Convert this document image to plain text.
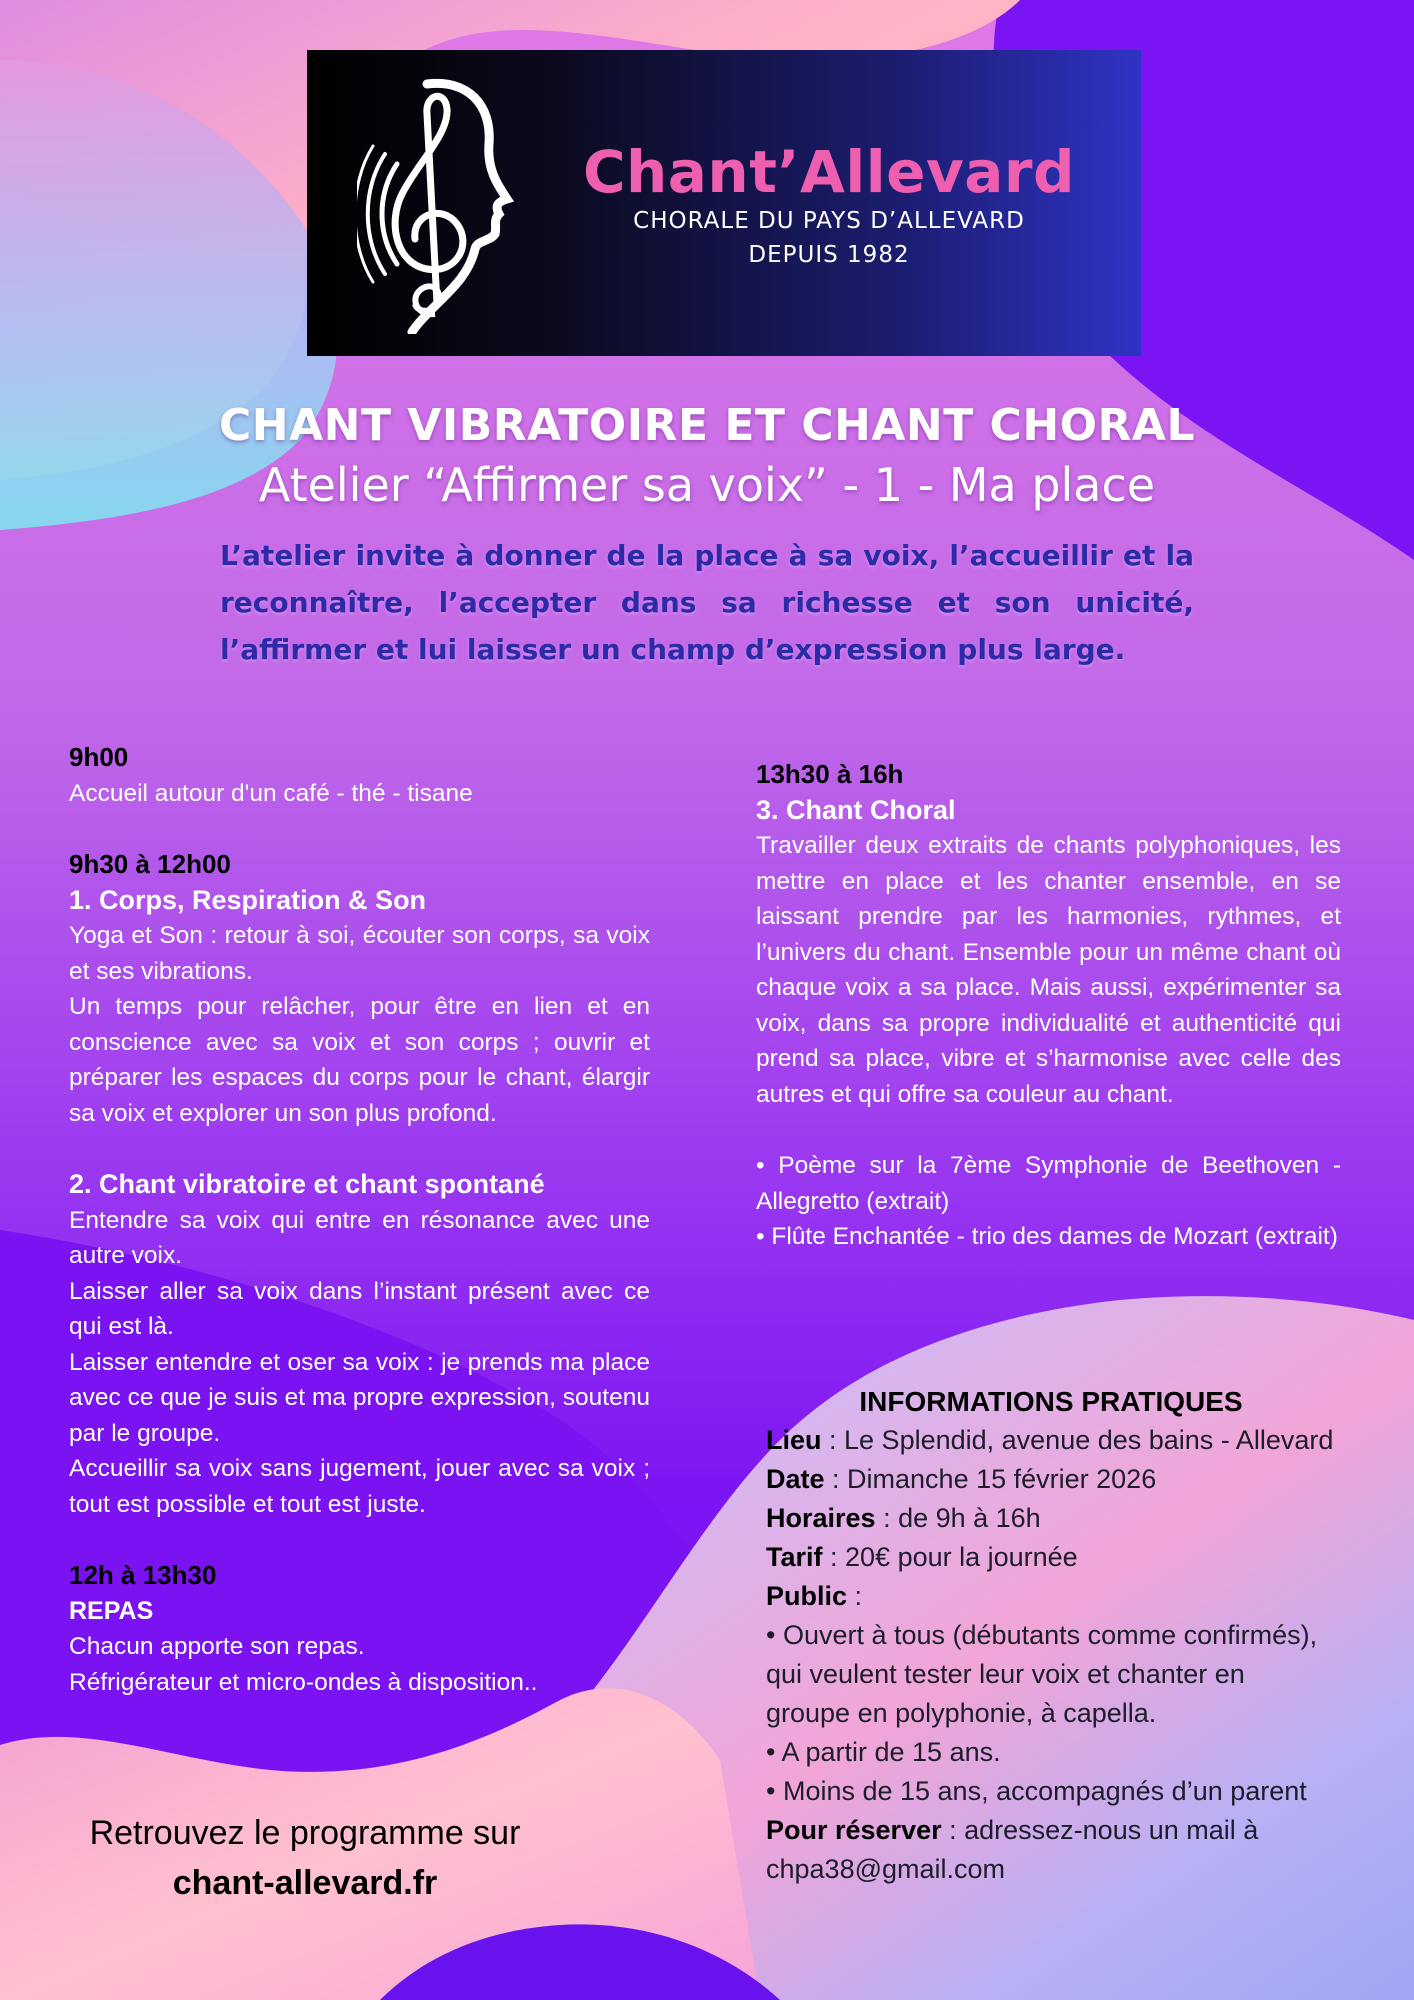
Chant’Allevard
CHORALE DU PAYS D’ALLEVARD
DEPUIS 1982
CHANT VIBRATOIRE ET CHANT CHORAL
Atelier “Affirmer sa voix” - 1 - Ma place
L’atelier invite à donner de la place à sa voix, l’accueillir et la reconnaître, l’accepter dans sa richesse et son unicité, l’affirmer et lui laisser un champ d’expression plus large.

9h00

Accueil autour d'un café - thé - tisane

9h30 à 12h00

1. Corps, Respiration & Son

Yoga et Son : retour à soi, écouter son corps, sa voix et ses vibrations.

Un temps pour relâcher, pour être en lien et en conscience avec sa voix et son corps ; ouvrir et préparer les espaces du corps pour le chant, élargir sa voix et explorer un son plus profond.

2. Chant vibratoire et chant spontané

Entendre sa voix qui entre en résonance avec une autre voix.

Laisser aller sa voix dans l’instant présent avec ce qui est là.

Laisser entendre et oser sa voix : je prends ma place avec ce que je suis et ma propre expression, soutenu par le groupe.

Accueillir sa voix sans jugement, jouer avec sa voix ; tout est possible et tout est juste.

12h à 13h30

REPAS

Chacun apporte son repas.

Réfrigérateur et micro-ondes à disposition..

13h30 à 16h

3. Chant Choral

Travailler deux extraits de chants polyphoniques, les mettre en place et les chanter ensemble, en se laissant prendre par les harmonies, rythmes, et l’univers du chant. Ensemble pour un même chant où chaque voix a sa place. Mais aussi, expérimenter sa voix, dans sa propre individualité et authenticité qui prend sa place, vibre et s’harmonise avec celle des autres et qui offre sa couleur au chant.

• Poème sur la 7ème Symphonie de Beethoven - Allegretto (extrait)

• Flûte Enchantée - trio des dames de Mozart (extrait)

INFORMATIONS PRATIQUES

Lieu : Le Splendid, avenue des bains - Allevard

Date : Dimanche 15 février 2026

Horaires : de 9h à 16h

Tarif : 20€ pour la journée

Public :

• Ouvert à tous (débutants comme confirmés), qui veulent tester leur voix et chanter en groupe en polyphonie, à capella.

• A partir de 15 ans.

• Moins de 15 ans, accompagnés d’un parent

Pour réserver : adressez-nous un mail à chpa38@gmail.com

Retrouvez le programme sur
chant-allevard.fr
